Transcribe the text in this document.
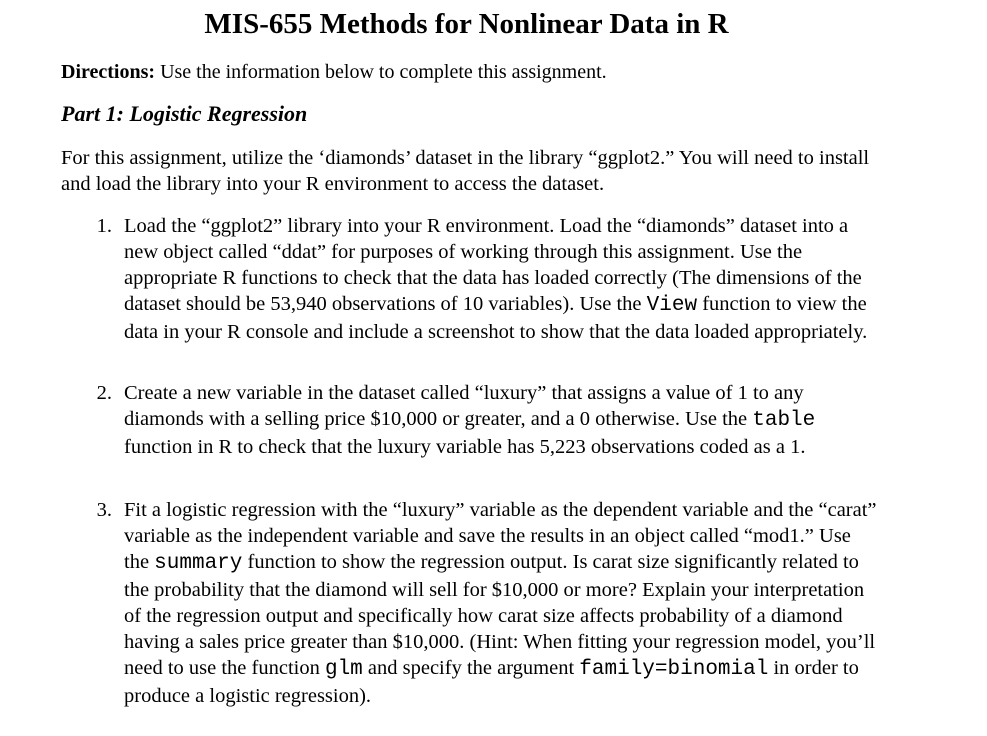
MIS-655 Methods for Nonlinear Data in R

Directions: Use the information below to complete this assignment.

Part 1: Logistic Regression

For this assignment, utilize the ‘diamonds’ dataset in the library “ggplot2.” You will need to install and load the library into your R environment to access the dataset.

1. Load the “ggplot2” library into your R environment. Load the “diamonds” dataset into a new object called “ddat” for purposes of working through this assignment. Use the appropriate R functions to check that the data has loaded correctly (The dimensions of the dataset should be 53,940 observations of 10 variables). Use the View function to view the data in your R console and include a screenshot to show that the data loaded appropriately.
2. Create a new variable in the dataset called “luxury” that assigns a value of 1 to any diamonds with a selling price $10,000 or greater, and a 0 otherwise. Use the table function in R to check that the luxury variable has 5,223 observations coded as a 1.
3. Fit a logistic regression with the “luxury” variable as the dependent variable and the “carat” variable as the independent variable and save the results in an object called “mod1.” Use the summary function to show the regression output. Is carat size significantly related to the probability that the diamond will sell for $10,000 or more? Explain your interpretation of the regression output and specifically how carat size affects probability of a diamond having a sales price greater than $10,000. (Hint: When fitting your regression model, you’ll need to use the function glm and specify the argument family=binomial in order to produce a logistic regression).
